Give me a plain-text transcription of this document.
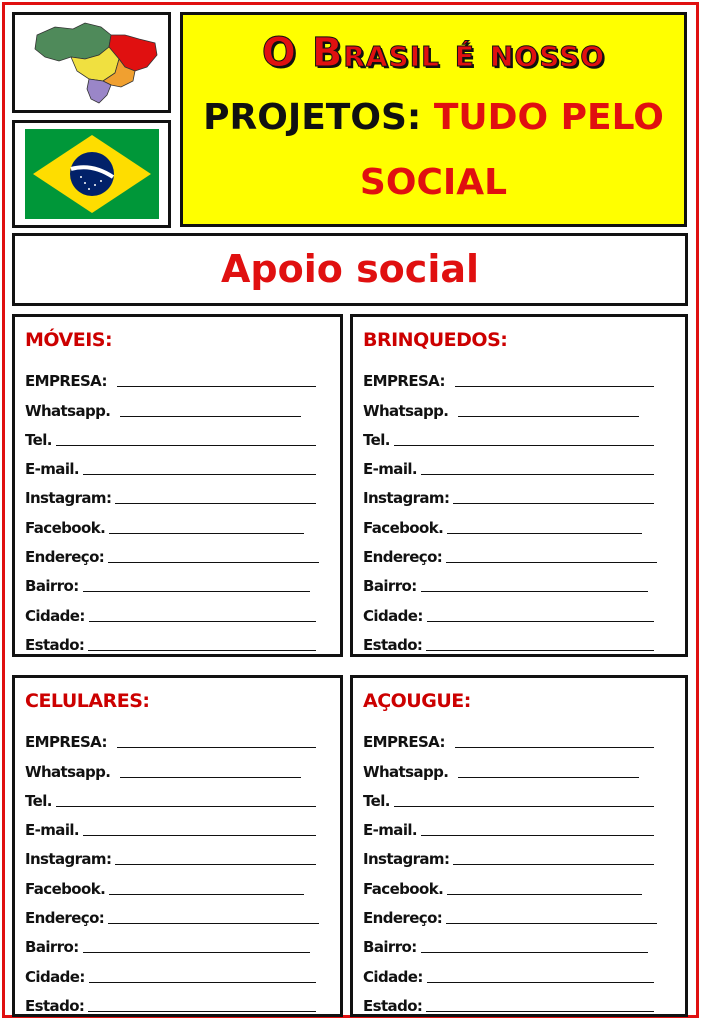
O Brasil é nosso
PROJETOS: TUDO PELO
SOCIAL
Apoio social
MÓVEIS:
EMPRESA:
Whatsapp.
Tel.
E-mail.
Instagram:
Facebook.
Endereço:
Bairro:
Cidade:
Estado:
BRINQUEDOS:
EMPRESA:
Whatsapp.
Tel.
E-mail.
Instagram:
Facebook.
Endereço:
Bairro:
Cidade:
Estado:
CELULARES:
EMPRESA:
Whatsapp.
Tel.
E-mail.
Instagram:
Facebook.
Endereço:
Bairro:
Cidade:
Estado:
AÇOUGUE:
EMPRESA:
Whatsapp.
Tel.
E-mail.
Instagram:
Facebook.
Endereço:
Bairro:
Cidade:
Estado:
